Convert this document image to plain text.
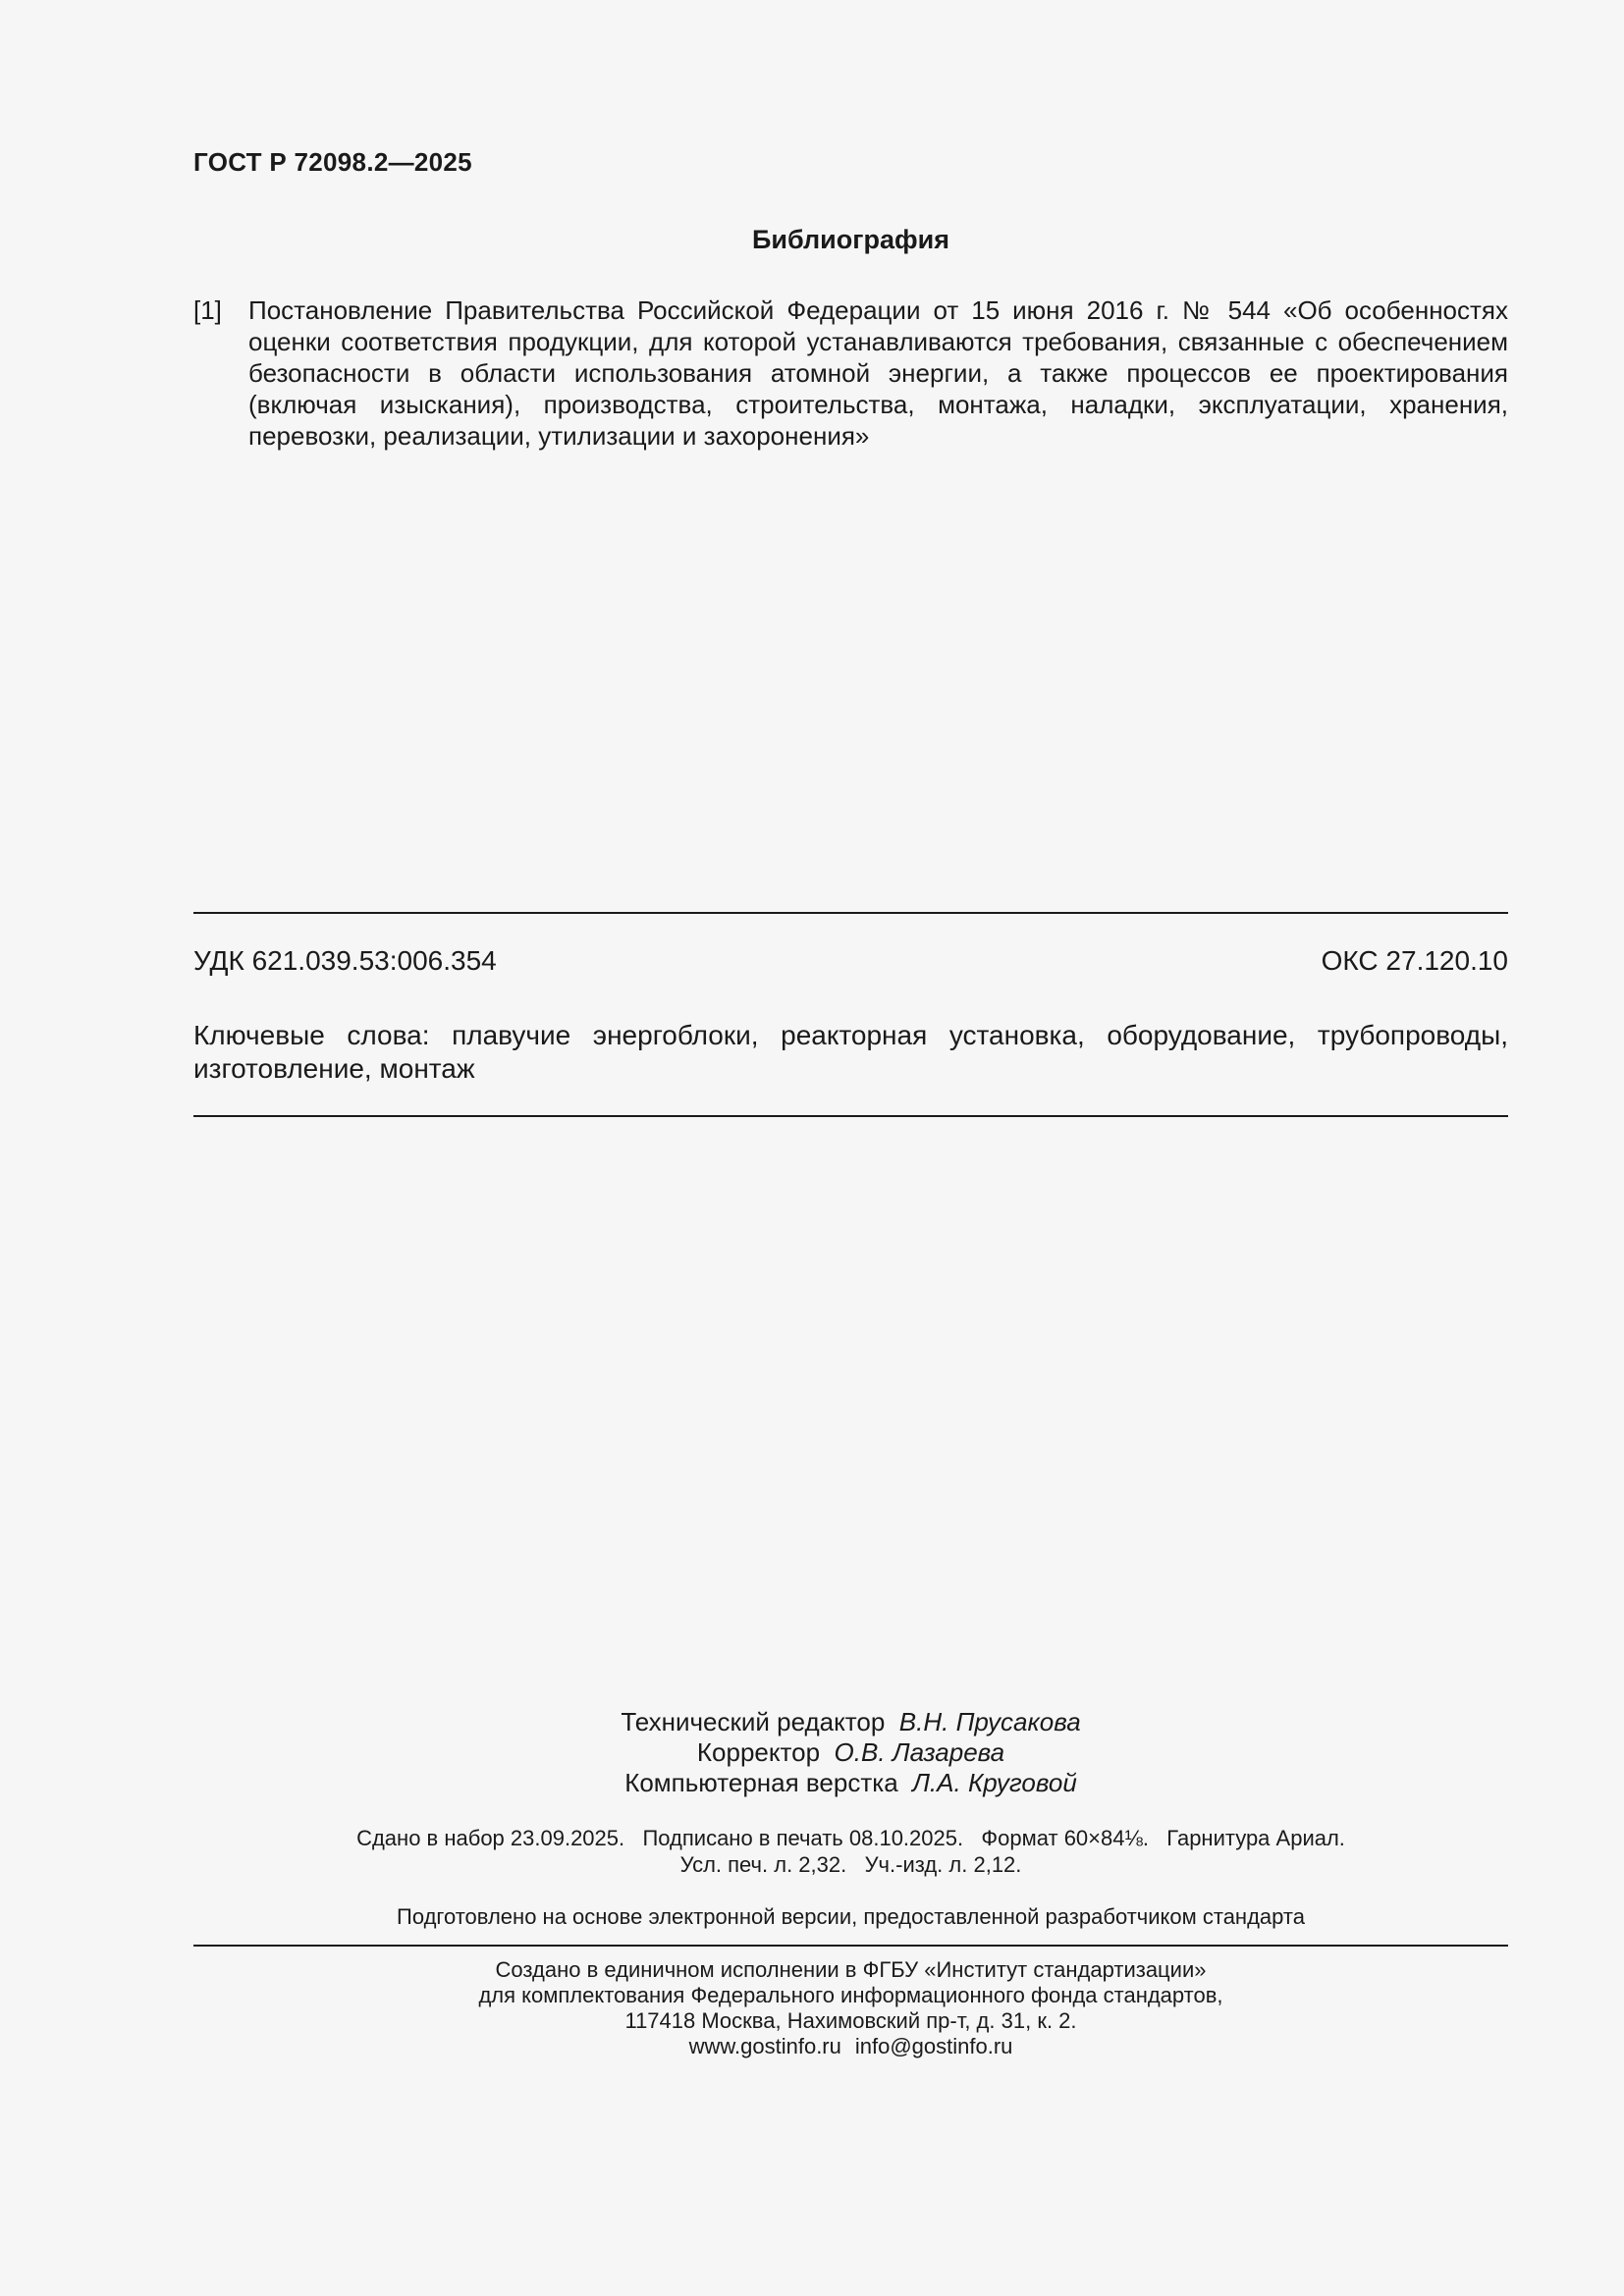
ГОСТ Р 72098.2—2025
Библиография
[1] Постановление Правительства Российской Федерации от 15 июня 2016 г. № 544 «Об особенностях оценки соответствия продукции, для которой устанавливаются требования, связанные с обеспечением безопасности в области использования атомной энергии, а также процессов ее проектирования (включая изыскания), производства, строительства, монтажа, наладки, эксплуатации, хранения, перевозки, реализации, утилизации и захоронения»

УДК 621.039.53:006.354	ОКС 27.120.10

Ключевые слова: плавучие энергоблоки, реакторная установка, оборудование, трубопроводы, изготовление, монтаж

Технический редактор В.Н. Прусакова
Корректор О.В. Лазарева
Компьютерная верстка Л.А. Круговой
Сдано в набор 23.09.2025.   Подписано в печать 08.10.2025.   Формат 60×84⅛.   Гарнитура Ариал.
Усл. печ. л. 2,32.   Уч.-изд. л. 2,12.
Подготовлено на основе электронной версии, предоставленной разработчиком стандарта
Создано в единичном исполнении в ФГБУ «Институт стандартизации»
для комплектования Федерального информационного фонда стандартов,
117418 Москва, Нахимовский пр-т, д. 31, к. 2.
www.gostinfo.ru info@gostinfo.ru
